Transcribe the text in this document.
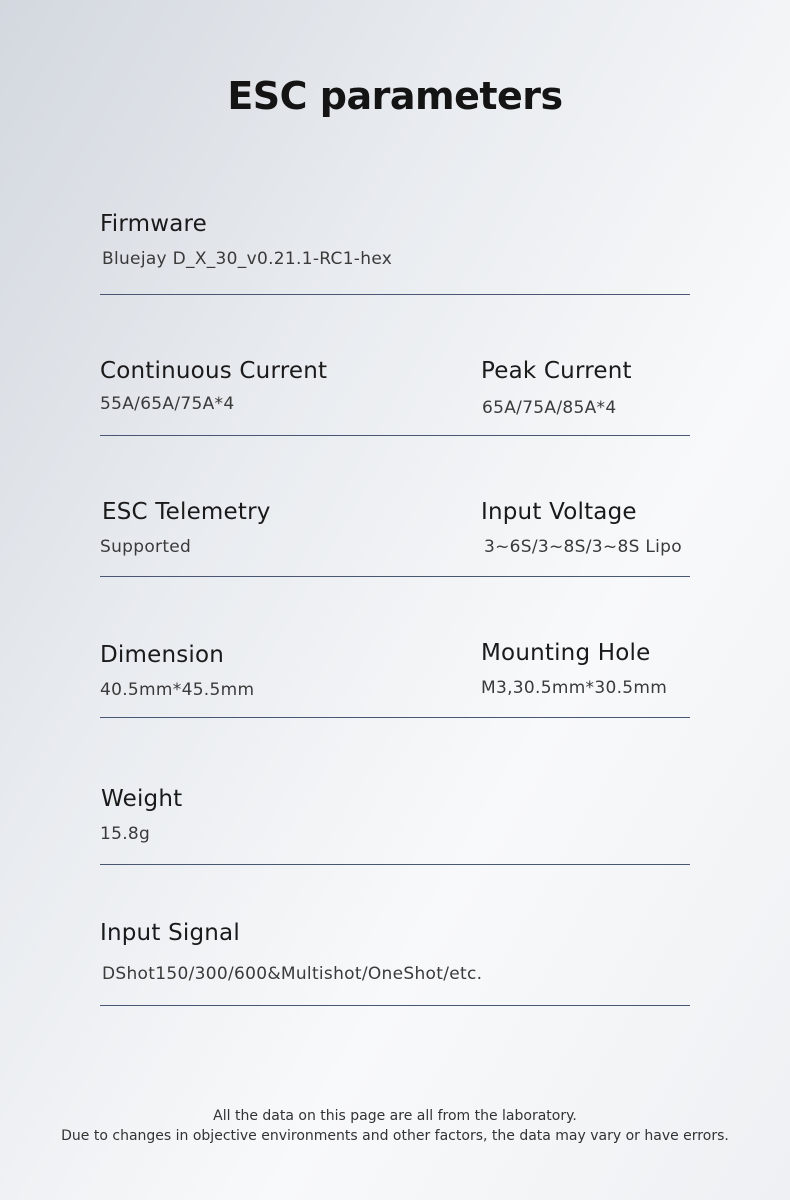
ESC parameters
Firmware
Bluejay D_X_30_v0.21.1-RC1-hex
Continuous Current
55A/65A/75A*4
Peak Current
65A/75A/85A*4
ESC Telemetry
Supported
Input Voltage
3~6S/3~8S/3~8S Lipo
Dimension
40.5mm*45.5mm
Mounting Hole
M3,30.5mm*30.5mm
Weight
15.8g
Input Signal
DShot150/300/600&Multishot/OneShot/etc.
All the data on this page are all from the laboratory.
Due to changes in objective environments and other factors, the data may vary or have errors.
